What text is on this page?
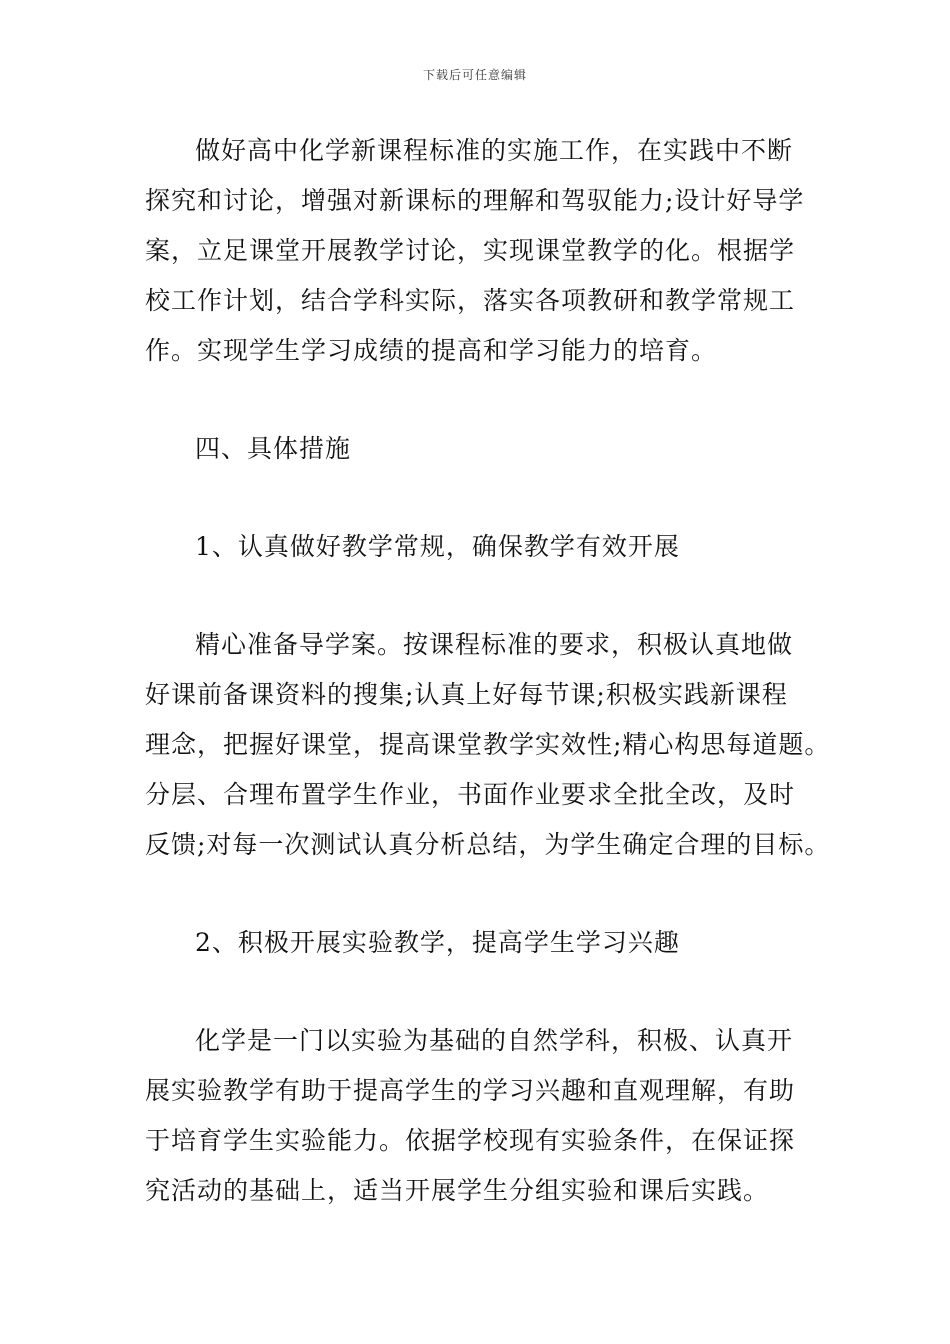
下载后可任意编辑

做好高中化学新课程标准的实施工作，在实践中不断
探究和讨论，增强对新课标的理解和驾驭能力;设计好导学
案，立足课堂开展教学讨论，实现课堂教学的化。根据学
校工作计划，结合学科实际，落实各项教研和教学常规工
作。实现学生学习成绩的提高和学习能力的培育。

四、具体措施

1、认真做好教学常规，确保教学有效开展

精心准备导学案。按课程标准的要求，积极认真地做
好课前备课资料的搜集;认真上好每节课;积极实践新课程
理念，把握好课堂，提高课堂教学实效性;精心构思每道题。
分层、合理布置学生作业，书面作业要求全批全改，及时
反馈;对每一次测试认真分析总结，为学生确定合理的目标。

2、积极开展实验教学，提高学生学习兴趣

化学是一门以实验为基础的自然学科，积极、认真开
展实验教学有助于提高学生的学习兴趣和直观理解，有助
于培育学生实验能力。依据学校现有实验条件，在保证探
究活动的基础上，适当开展学生分组实验和课后实践。
